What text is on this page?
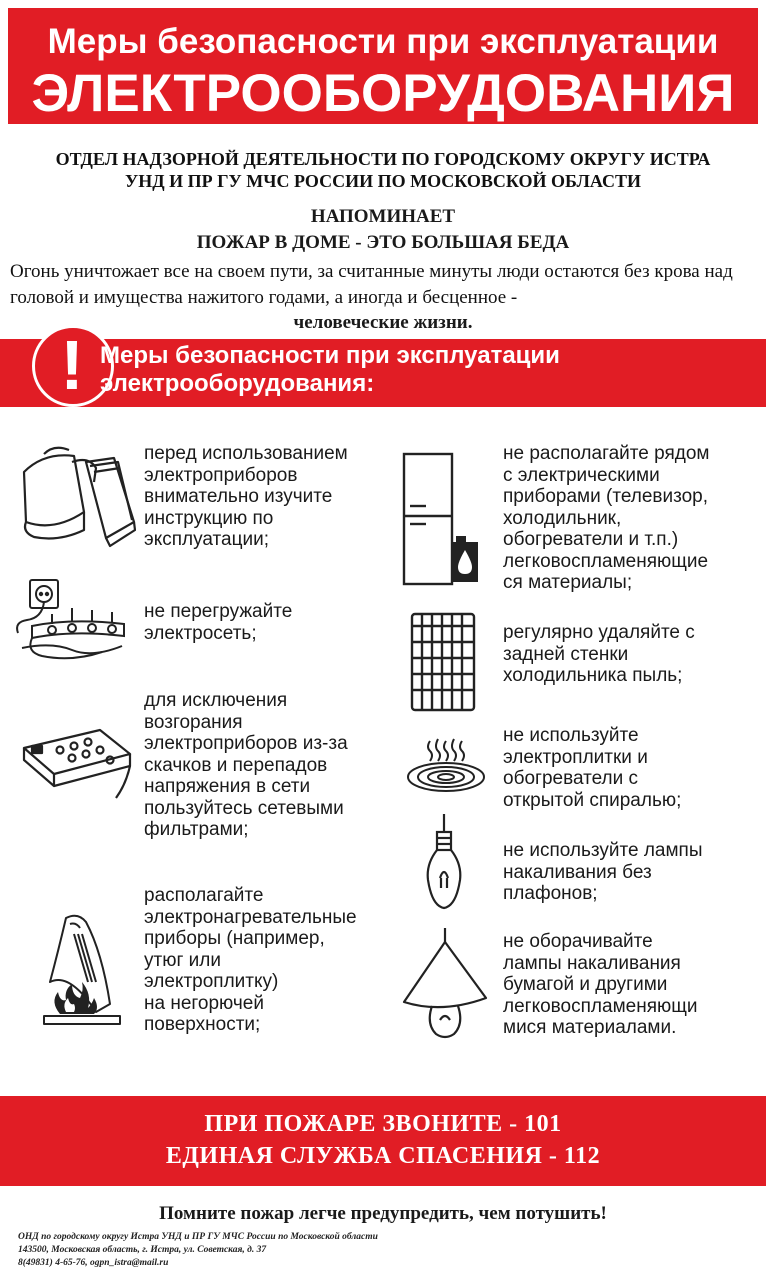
Меры безопасности при эксплуатации
ЭЛЕКТРООБОРУДОВАНИЯ
ОТДЕЛ НАДЗОРНОЙ ДЕЯТЕЛЬНОСТИ ПО ГОРОДСКОМУ ОКРУГУ ИСТРА
УНД И ПР ГУ МЧС РОССИИ ПО МОСКОВСКОЙ ОБЛАСТИ
НАПОМИНАЕТ
ПОЖАР В ДОМЕ - ЭТО БОЛЬШАЯ БЕДА
Огонь уничтожает все на своем пути, за считанные минуты люди остаются без крова над головой и имущества нажитого годами, а иногда и бесценное -
человеческие жизни.
! Меры безопасности при эксплуатации
электрооборудования:
перед использованием
электроприборов
внимательно изучите
инструкцию по
эксплуатации;
не перегружайте
электросеть;
для исключения
возгорания
электроприборов из-за
скачков и перепадов
напряжения в сети
пользуйтесь сетевыми
фильтрами;
располагайте
электронагревательные
приборы (например,
утюг или
электроплитку)
на негорючей
поверхности;
не располагайте рядом
с электрическими
приборами (телевизор,
холодильник,
обогреватели и т.п.)
легковоспламеняющие
ся материалы;
регулярно удаляйте с
задней стенки
холодильника пыль;
не используйте
электроплитки и
обогреватели с
открытой спиралью;
не используйте лампы
накаливания без
плафонов;
не оборачивайте
лампы накаливания
бумагой и другими
легковоспламеняющи
мися материалами.
ПРИ ПОЖАРЕ ЗВОНИТЕ - 101
ЕДИНАЯ СЛУЖБА СПАСЕНИЯ - 112
Помните пожар легче предупредить, чем потушить!
ОНД по городскому округу Истра УНД и ПР ГУ МЧС России по Московской области
143500, Московская область, г. Истра, ул. Советская, д. 37
8(49831) 4-65-76, ogpn_istra@mail.ru
